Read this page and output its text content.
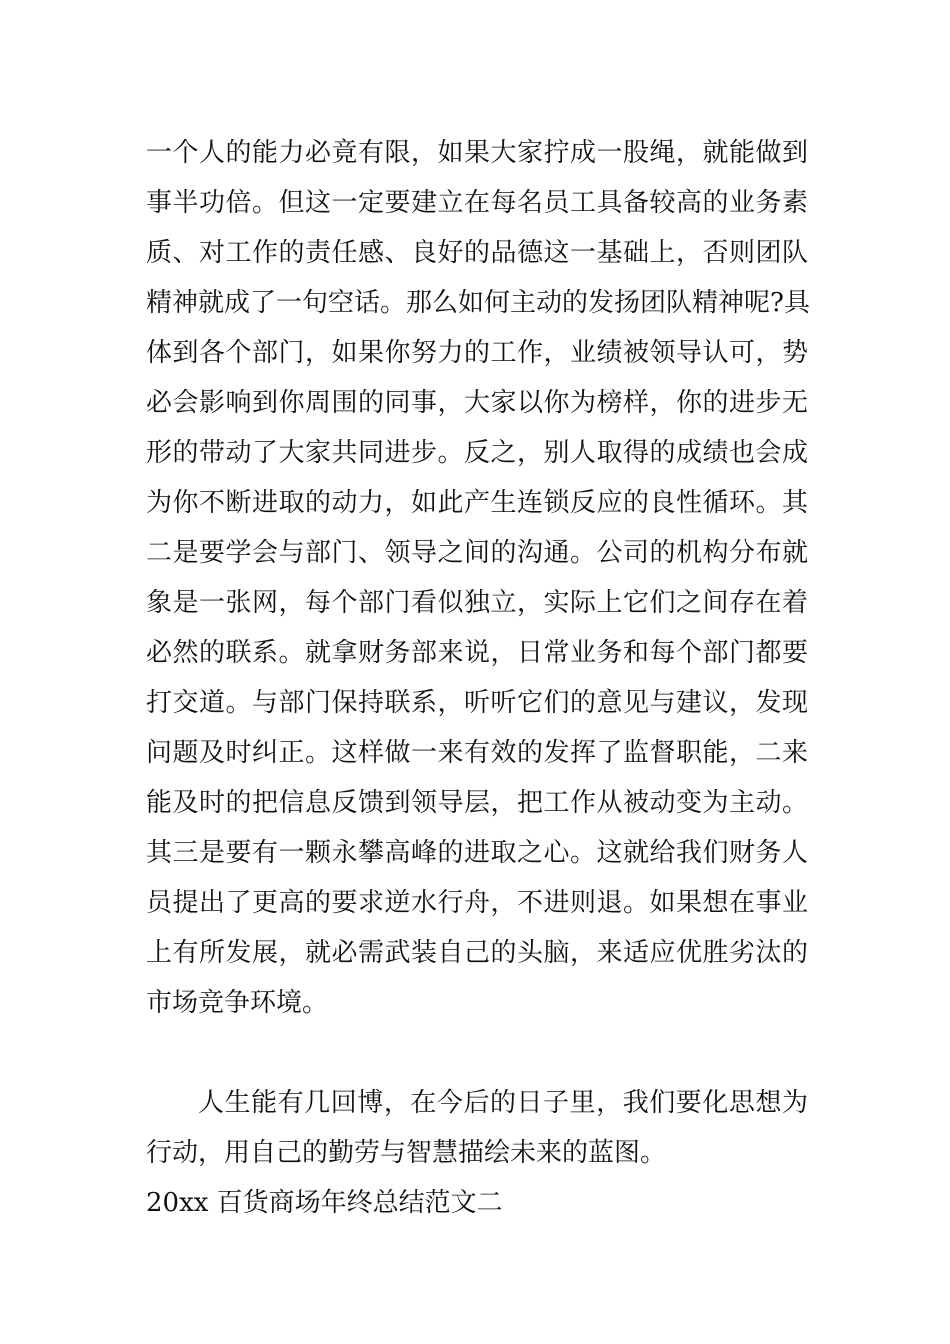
一个人的能力必竟有限，如果大家拧成一股绳，就能做到
事半功倍。但这一定要建立在每名员工具备较高的业务素
质、对工作的责任感、良好的品德这一基础上，否则团队
精神就成了一句空话。那么如何主动的发扬团队精神呢?具
体到各个部门，如果你努力的工作，业绩被领导认可，势
必会影响到你周围的同事，大家以你为榜样，你的进步无
形的带动了大家共同进步。反之，别人取得的成绩也会成
为你不断进取的动力，如此产生连锁反应的良性循环。其
二是要学会与部门、领导之间的沟通。公司的机构分布就
象是一张网，每个部门看似独立，实际上它们之间存在着
必然的联系。就拿财务部来说，日常业务和每个部门都要
打交道。与部门保持联系，听听它们的意见与建议，发现
问题及时纠正。这样做一来有效的发挥了监督职能，二来
能及时的把信息反馈到领导层，把工作从被动变为主动。
其三是要有一颗永攀高峰的进取之心。这就给我们财务人
员提出了更高的要求逆水行舟，不进则退。如果想在事业
上有所发展，就必需武装自己的头脑，来适应优胜劣汰的
市场竞争环境。
人生能有几回博，在今后的日子里，我们要化思想为
行动，用自己的勤劳与智慧描绘未来的蓝图。
20xx 百货商场年终总结范文二
